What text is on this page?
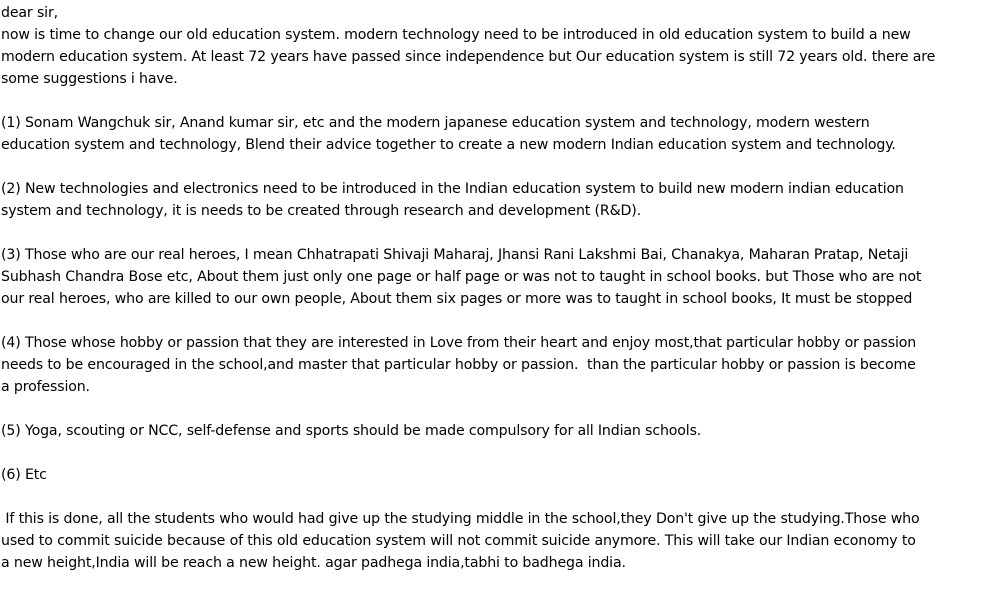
dear sir,
now is time to change our old education system. modern technology need to be introduced in old education system to build a new
modern education system. At least 72 years have passed since independence but Our education system is still 72 years old. there are
some suggestions i have.
(1) Sonam Wangchuk sir, Anand kumar sir, etc and the modern japanese education system and technology, modern western
education system and technology, Blend their advice together to create a new modern Indian education system and technology.
(2) New technologies and electronics need to be introduced in the Indian education system to build new modern indian education
system and technology, it is needs to be created through research and development (R&D).
(3) Those who are our real heroes, I mean Chhatrapati Shivaji Maharaj, Jhansi Rani Lakshmi Bai, Chanakya, Maharan Pratap, Netaji
Subhash Chandra Bose etc, About them just only one page or half page or was not to taught in school books. but Those who are not
our real heroes, who are killed to our own people, About them six pages or more was to taught in school books, It must be stopped
(4) Those whose hobby or passion that they are interested in Love from their heart and enjoy most,that particular hobby or passion
needs to be encouraged in the school,and master that particular hobby or passion.  than the particular hobby or passion is become
a profession.
(5) Yoga, scouting or NCC, self-defense and sports should be made compulsory for all Indian schools.
(6) Etc
If this is done, all the students who would had give up the studying middle in the school,they Don't give up the studying.Those who
used to commit suicide because of this old education system will not commit suicide anymore. This will take our Indian economy to
a new height,India will be reach a new height. agar padhega india,tabhi to badhega india.
